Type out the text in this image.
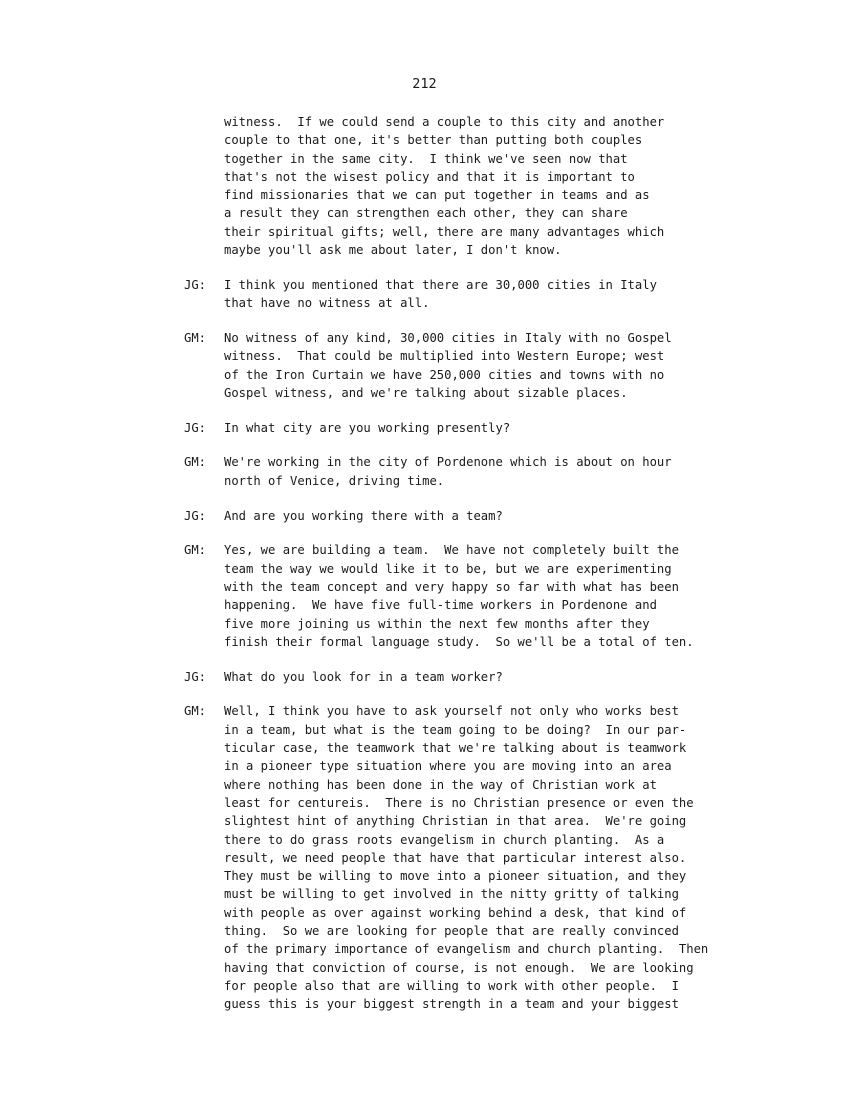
212
witness.  If we could send a couple to this city and another
couple to that one, it's better than putting both couples
together in the same city.  I think we've seen now that
that's not the wisest policy and that it is important to
find missionaries that we can put together in teams and as
a result they can strengthen each other, they can share
their spiritual gifts; well, there are many advantages which
maybe you'll ask me about later, I don't know.
JG: I think you mentioned that there are 30,000 cities in Italy
that have no witness at all.
GM: No witness of any kind, 30,000 cities in Italy with no Gospel
witness.  That could be multiplied into Western Europe; west
of the Iron Curtain we have 250,000 cities and towns with no
Gospel witness, and we're talking about sizable places.
JG: In what city are you working presently?
GM: We're working in the city of Pordenone which is about on hour
north of Venice, driving time.
JG: And are you working there with a team?
GM: Yes, we are building a team.  We have not completely built the
team the way we would like it to be, but we are experimenting
with the team concept and very happy so far with what has been
happening.  We have five full-time workers in Pordenone and
five more joining us within the next few months after they
finish their formal language study.  So we'll be a total of ten.
JG: What do you look for in a team worker?
GM: Well, I think you have to ask yourself not only who works best
in a team, but what is the team going to be doing?  In our par-
ticular case, the teamwork that we're talking about is teamwork
in a pioneer type situation where you are moving into an area
where nothing has been done in the way of Christian work at
least for centureis.  There is no Christian presence or even the
slightest hint of anything Christian in that area.  We're going
there to do grass roots evangelism in church planting.  As a
result, we need people that have that particular interest also.
They must be willing to move into a pioneer situation, and they
must be willing to get involved in the nitty gritty of talking
with people as over against working behind a desk, that kind of
thing.  So we are looking for people that are really convinced
of the primary importance of evangelism and church planting.  Then
having that conviction of course, is not enough.  We are looking
for people also that are willing to work with other people.  I
guess this is your biggest strength in a team and your biggest
